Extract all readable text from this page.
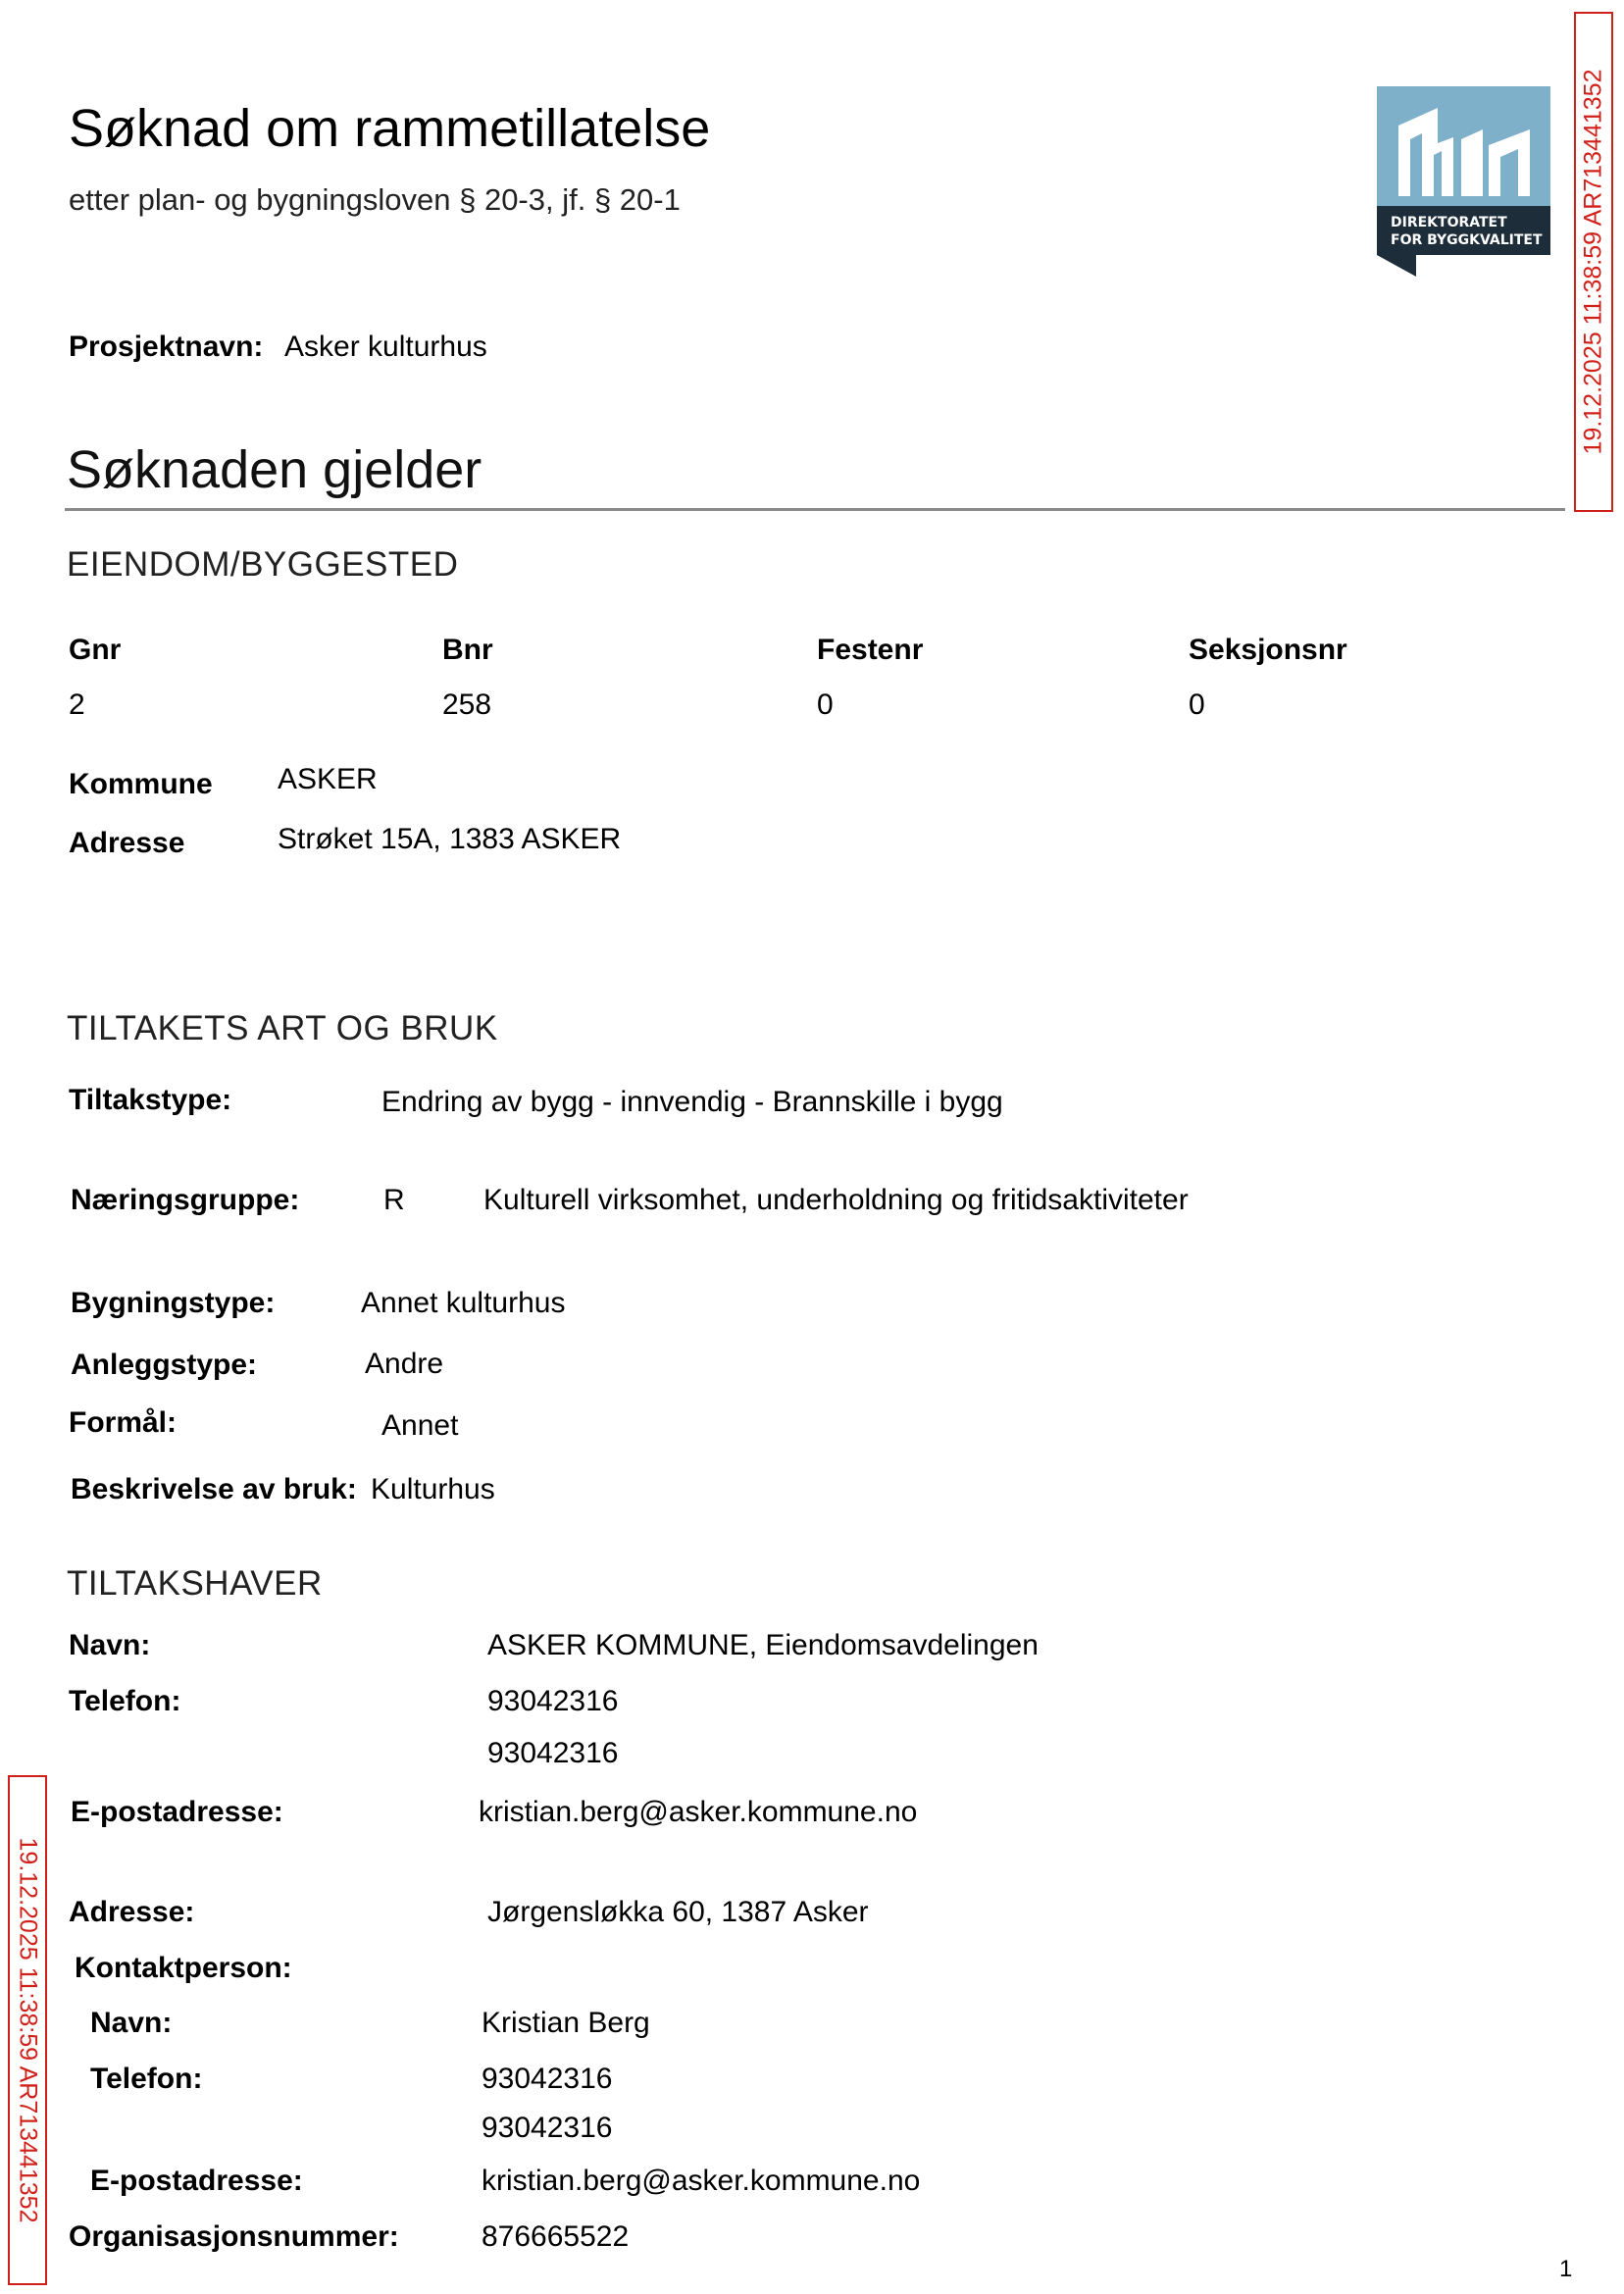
Søknad om rammetillatelse
etter plan- og bygningsloven § 20-3, jf. § 20-1
DIREKTORATET
FOR BYGGKVALITET
Prosjektnavn: Asker kulturhus
Søknaden gjelder
EIENDOM/BYGGESTED
Gnr	Bnr	Festenr	Seksjonsnr
2	258	0	0
Kommune ASKER
Adresse	Strøket 15A, 1383 ASKER
TILTAKETS ART OG BRUK
Tiltakstype:	Endring av bygg - innvendig - Brannskille i bygg
Næringsgruppe:	R	Kulturell virksomhet, underholdning og fritidsaktiviteter
Bygningstype:	Annet kulturhus
Anleggstype:	Andre
Formål:	Annet
Beskrivelse av bruk: Kulturhus
TILTAKSHAVER
Navn:	ASKER KOMMUNE, Eiendomsavdelingen
Telefon:	93042316
93042316
E-postadresse:	kristian.berg@asker.kommune.no
Adresse:	Jørgensløkka 60, 1387 Asker
Kontaktperson:
Navn:	Kristian Berg
Telefon:	93042316
93042316
E-postadresse:	kristian.berg@asker.kommune.no
Organisasjonsnummer:	876665522
19.12.2025 11:38:59 AR713441352
19.12.2025 11:38:59 AR713441352
1
